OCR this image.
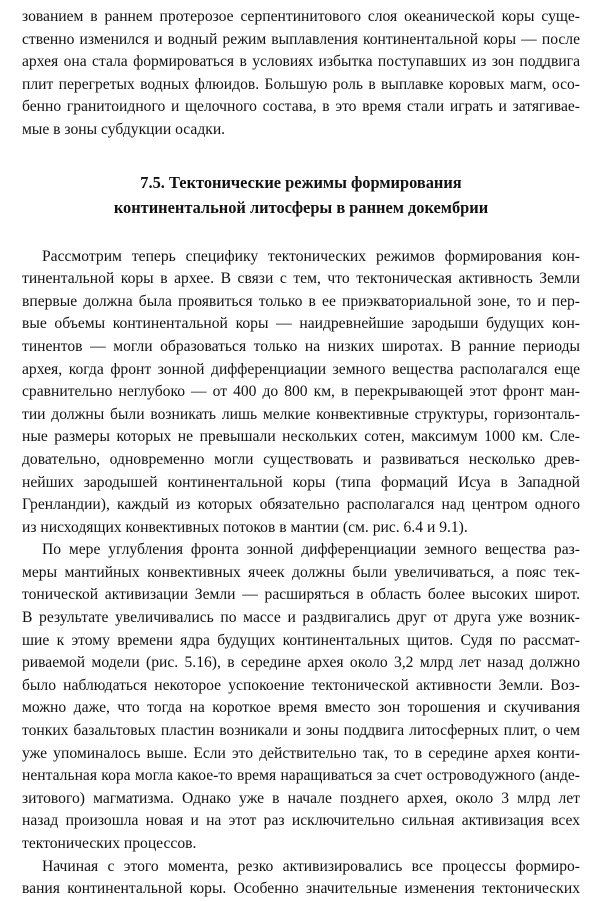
зованием в раннем протерозое серпентинитового слоя океанической коры суще-
ственно изменился и водный режим выплавления континентальной коры — после
архея она стала формироваться в условиях избытка поступавших из зон поддвига
плит перегретых водных флюидов. Большую роль в выплавке коровых магм, осо-
бенно гранитоидного и щелочного состава, в это время стали играть и затягивае-
мые в зоны субдукции осадки.
7.5. Тектонические режимы формирования
континентальной литосферы в раннем докембрии
Рассмотрим теперь специфику тектонических режимов формирования кон-
тинентальной коры в архее. В связи с тем, что тектоническая активность Земли
впервые должна была проявиться только в ее приэкваториальной зоне, то и пер-
вые объемы континентальной коры — наидревнейшие зародыши будущих кон-
тинентов — могли образоваться только на низких широтах. В ранние периоды
архея, когда фронт зонной дифференциации земного вещества располагался еще
сравнительно неглубоко — от 400 до 800 км, в перекрывающей этот фронт ман-
тии должны были возникать лишь мелкие конвективные структуры, горизонталь-
ные размеры которых не превышали нескольких сотен, максимум 1000 км. Сле-
довательно, одновременно могли существовать и развиваться несколько древ-
нейших зародышей континентальной коры (типа формаций Исуа в Западной
Гренландии), каждый из которых обязательно располагался над центром одного
из нисходящих конвективных потоков в мантии (см. рис. 6.4 и 9.1).
По мере углубления фронта зонной дифференциации земного вещества раз-
меры мантийных конвективных ячеек должны были увеличиваться, а пояс тек-
тонической активизации Земли — расширяться в область более высоких широт.
В результате увеличивались по массе и раздвигались друг от друга уже возник-
шие к этому времени ядра будущих континентальных щитов. Судя по рассмат-
риваемой модели (рис. 5.16), в середине архея около 3,2 млрд лет назад должно
было наблюдаться некоторое успокоение тектонической активности Земли. Воз-
можно даже, что тогда на короткое время вместо зон торошения и скучивания
тонких базальтовых пластин возникали и зоны поддвига литосферных плит, о чем
уже упоминалось выше. Если это действительно так, то в середине архея конти-
нентальная кора могла какое-то время наращиваться за счет островодужного (анде-
зитового) магматизма. Однако уже в начале позднего архея, около 3 млрд лет
назад произошла новая и на этот раз исключительно сильная активизация всех
тектонических процессов.
Начиная с этого момента, резко активизировались все процессы формиро-
вания континентальной коры. Особенно значительные изменения тектонических
